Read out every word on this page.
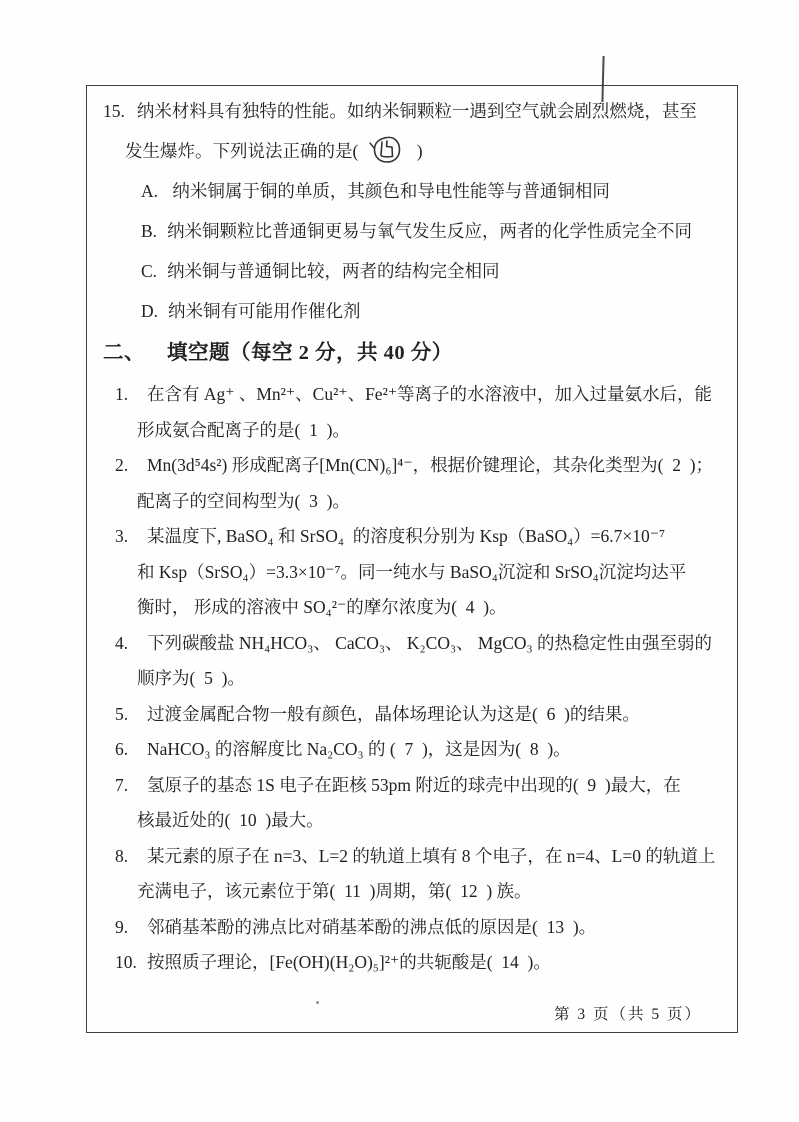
15. 纳米材料具有独特的性能。如纳米铜颗粒一遇到空气就会剧烈燃烧，甚至
发生爆炸。下列说法正确的是(	)
A. 纳米铜属于铜的单质，其颜色和导电性能等与普通铜相同
B. 纳米铜颗粒比普通铜更易与氧气发生反应，两者的化学性质完全不同
C. 纳米铜与普通铜比较，两者的结构完全相同
D. 纳米铜有可能用作催化剂
二、 填空题（每空 2 分，共 40 分）
1. 在含有 Ag⁺ 、Mn²⁺、Cu²⁺、Fe²⁺等离子的水溶液中，加入过量氨水后，能
形成氨合配离子的是(  1  )。
2. Mn(3d⁵4s²) 形成配离子[Mn(CN)₆]⁴⁻，根据价键理论，其杂化类型为(  2  )；
配离子的空间构型为(  3  )。
3. 某温度下, BaSO₄ 和 SrSO₄  的溶度积分别为 Ksp（BaSO₄）=6.7×10⁻⁷
和 Ksp（SrSO₄）=3.3×10⁻⁷。同一纯水与 BaSO₄沉淀和 SrSO₄沉淀均达平
衡时， 形成的溶液中 SO₄²⁻的摩尔浓度为(  4  )。
4. 下列碳酸盐 NH₄HCO₃、 CaCO₃、 K₂CO₃、 MgCO₃ 的热稳定性由强至弱的
顺序为(  5  )。
5. 过渡金属配合物一般有颜色，晶体场理论认为这是(  6  )的结果。
6. NaHCO₃ 的溶解度比 Na₂CO₃ 的 (  7  )，这是因为(  8  )。
7. 氢原子的基态 1S 电子在距核 53pm 附近的球壳中出现的(  9  )最大，在
核最近处的(  10  )最大。
8. 某元素的原子在 n=3、L=2 的轨道上填有 8 个电子，在 n=4、L=0 的轨道上
充满电子，该元素位于第(  11  )周期，第(  12  ) 族。
9. 邻硝基苯酚的沸点比对硝基苯酚的沸点低的原因是(  13  )。
10. 按照质子理论，[Fe(OH)(H₂O)₅]²⁺的共轭酸是(  14  )。
第 3 页（共 5 页）
